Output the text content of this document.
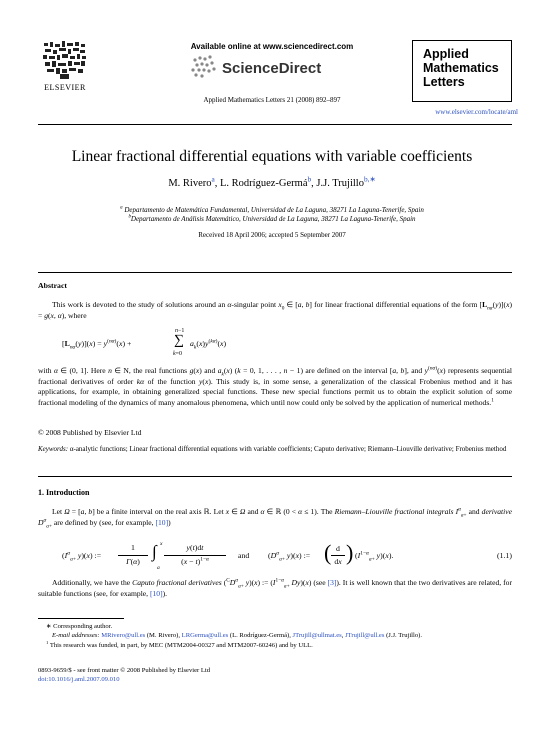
ELSEVIER
Available online at www.sciencedirect.com
ScienceDirect
Applied Mathematics Letters 21 (2008) 892–897
Applied
Mathematics
Letters
www.elsevier.com/locate/aml
Linear fractional differential equations with variable coefficients
M. Rivero$^a$, L. Rodríguez-Germá$^b$, J.J. Trujillo$^{b,∗}$
$^a$ Departamento de Matemática Fundamental, Universidad de La Laguna, 38271 La Laguna-Tenerife, Spain
$^b$Departamento de Análisis Matemático, Universidad de La Laguna, 38271 La Laguna-Tenerife, Spain
Received 18 April 2006; accepted 5 September 2007
Abstract
This work is devoted to the study of solutions around an α-singular point $x_0$ ∈ [a, b] for linear fractional differential equations of the form $[L_{n\alpha}(y)](x) = g(x$, α), where
$[L_{n\alpha}(y)](x) = y^{(n\alpha)}(x)$ +
n−1
∑
k=0
$a_k(x)y^{(k\alpha)}(x)$
with α ∈ (0, 1]. Here n ∈ N, the real functions g(x) and $a_k(x) (k = 0$, 1, . . . , n − 1) are defined on the interval [a, b], and $y^{(n\alpha)}(x)$ represents sequential fractional derivatives of order kα of the function y(x). This study is, in some sense, a generalization of the classical Frobenius method and it has applications, for example, in obtaining generalized special functions. These new special functions permit us to obtain the explicit solution of some fractional modeling of the dynamics of many anomalous phenomena, which until now could only be solved by the application of numerical methods.$^1$
© 2008 Published by Elsevier Ltd
Keywords: α-analytic functions; Linear fractional differential equations with variable coefficients; Caputo derivative; Riemann–Liouville derivative; Frobenius method
1. Introduction
Let Ω = [a, b] be a finite interval on the real axis ℝ. Let x ∈ Ω and α ∈ ℝ (0 < α ≤ 1). The Riemann–Liouville fractional integrals $I^\alpha_{a+}$ and derivative $D^\alpha_{a+}$ are defined by (see, for example, [10])
($I^\alpha_{a+}$ y)(x) :=
1
Γ(α)
∫ x
a
y(t)dt
$(x - t)^{1-\alpha}$	and ($D^\alpha_{a+}$ y)(x) := ( d
dx ) ($I^{1-\alpha}_{a+}$ y)(x).	(1.1)
Additionally, we have the Caputo fractional derivatives ($^CD^\alpha_{a+}$ y)(x) := ($I^{1-\alpha}_{a+}$ Dy)(x) (see [3]). It is well known that the two derivatives are related, for suitable functions (see, for example, [10]).
∗ Corresponding author.
E-mail addresses: MRivero@ull.es (M. Rivero), LRGerma@ull.es (L. Rodríguez-Germá), JTrujill@ullmat.es, JTrujill@ull.es (J.J. Trujillo).
$^1$ This research was funded, in part, by MEC (MTM2004-00327 and MTM2007-60246) and by ULL.
0893-9659/$ - see front matter © 2008 Published by Elsevier Ltd
doi:10.1016/j.aml.2007.09.010
